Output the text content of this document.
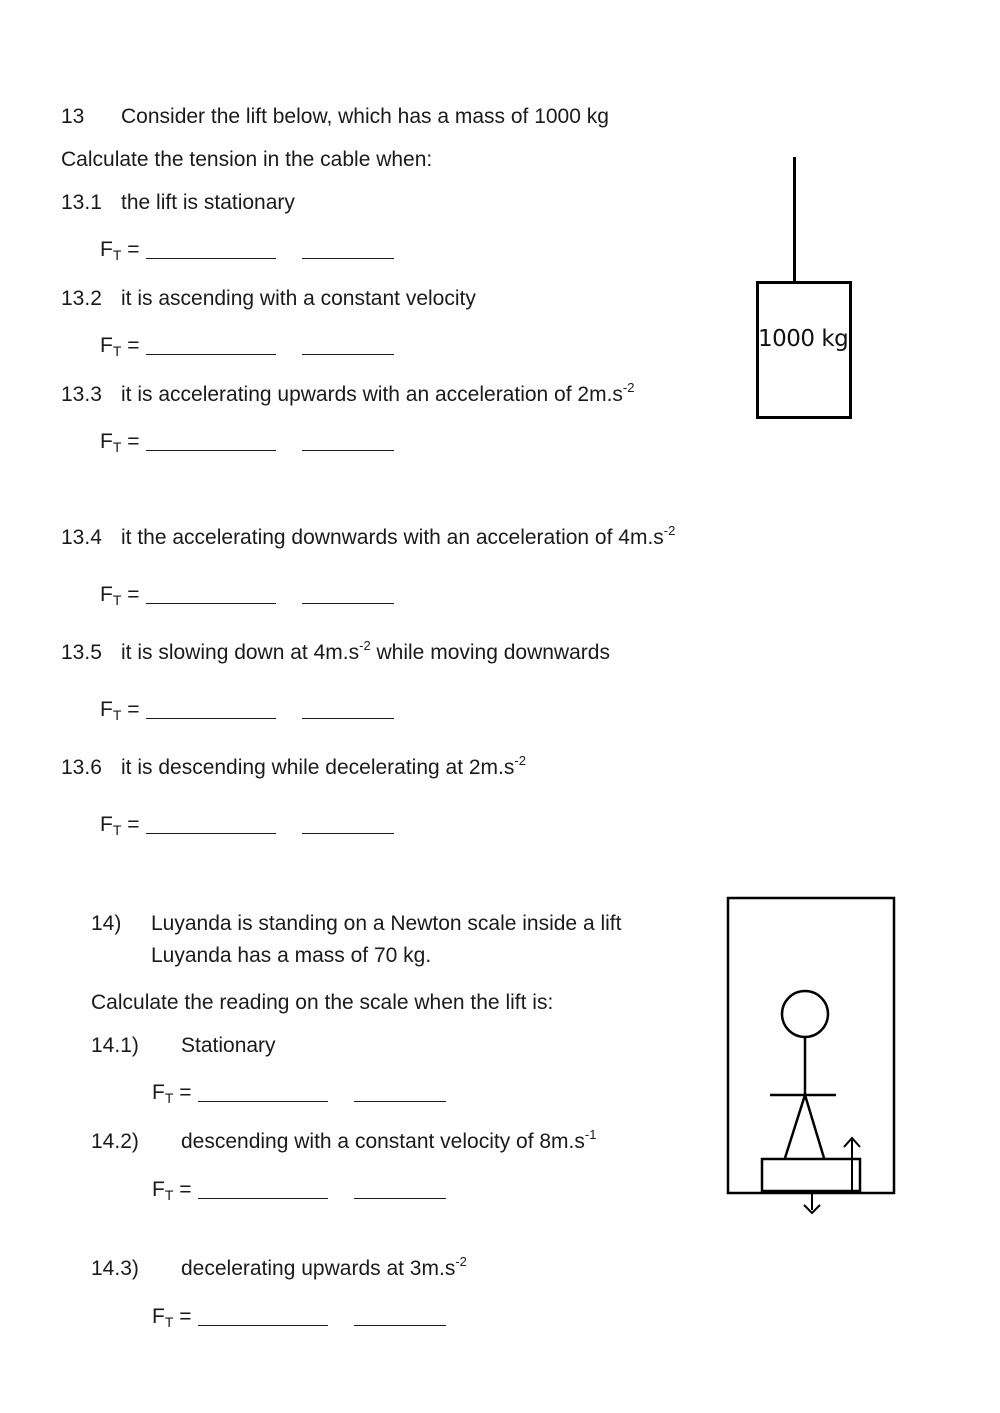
13 Consider the lift below, which has a mass of 1000 kg
Calculate the tension in the cable when:
13.1 the lift is stationary
$F_T$ =
13.2 it is ascending with a constant velocity
$F_T$ =
13.3 it is accelerating upwards with an acceleration of $2m.s^{-2}$
$F_T$ =
13.4 it the accelerating downwards with an acceleration of $4m.s^{-2}$
$F_T$ =
13.5 it is slowing down at $4m.s^{-2}$ while moving downwards
$F_T$ =
13.6 it is descending while decelerating at $2m.s^{-2}$
$F_T$ =
1000 kg
14) Luyanda is standing on a Newton scale inside a lift
Luyanda has a mass of 70 kg.
Calculate the reading on the scale when the lift is:
14.1) Stationary
$F_T$ =
14.2) descending with a constant velocity of $8m.s^{-1}$
$F_T$ =
14.3) decelerating upwards at $3m.s^{-2}$
$F_T$ =
